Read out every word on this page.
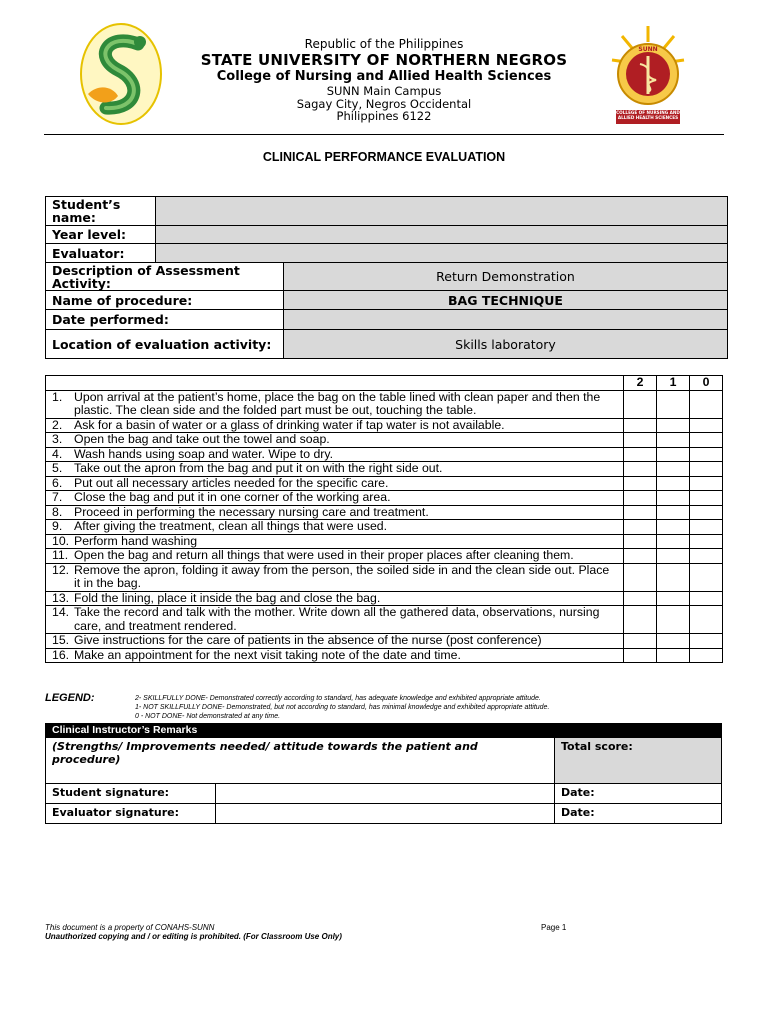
SUNN
COLLEGE OF NURSING AND ALLIED HEALTH SCIENCES
Republic of the Philippines
STATE UNIVERSITY OF NORTHERN NEGROS
College of Nursing and Allied Health Sciences
SUNN Main Campus
Sagay City, Negros Occidental
Philippines 6122
CLINICAL PERFORMANCE EVALUATION
Student’s name:		
Year level:		
Evaluator:		
Description of Assessment Activity:		Return Demonstration
Name of procedure:		BAG TECHNIQUE
Date performed:		
Location of evaluation activity:		Skills laboratory
	2	1	0
1. Upon arrival at the patient’s home, place the bag on the table lined with clean paper and then the plastic. The clean side and the folded part must be out, touching the table.			
2. Ask for a basin of water or a glass of drinking water if tap water is not available.			
3. Open the bag and take out the towel and soap.			
4. Wash hands using soap and water. Wipe to dry.			
5. Take out the apron from the bag and put it on with the right side out.			
6. Put out all necessary articles needed for the specific care.			
7. Close the bag and put it in one corner of the working area.			
8. Proceed in performing the necessary nursing care and treatment.			
9. After giving the treatment, clean all things that were used.			
10. Perform hand washing			
11. Open the bag and return all things that were used in their proper places after cleaning them.			
12. Remove the apron, folding it away from the person, the soiled side in and the clean side out. Place it in the bag.			
13. Fold the lining, place it inside the bag and close the bag.			
14. Take the record and talk with the mother. Write down all the gathered data, observations, nursing care, and treatment rendered.			
15. Give instructions for the care of patients in the absence of the nurse (post conference)			
16. Make an appointment for the next visit taking note of the date and time.			
LEGEND:	2- SKILLFULLY DONE- Demonstrated correctly according to standard, has adequate knowledge and exhibited appropriate attitude.
1- NOT SKILLFULLY DONE- Demonstrated, but not according to standard, has minimal knowledge and exhibited appropriate attitude.
0 - NOT DONE- Not demonstrated at any time.
Clinical Instructor’s Remarks
(Strengths/ Improvements needed/ attitude towards the patient and procedure)		Total score:
Student signature:		Date:
Evaluator signature:		Date:
This document is a property of CONAHS-SUNN
Unauthorized copying and / or editing is prohibited. (For Classroom Use Only)
Page 1
